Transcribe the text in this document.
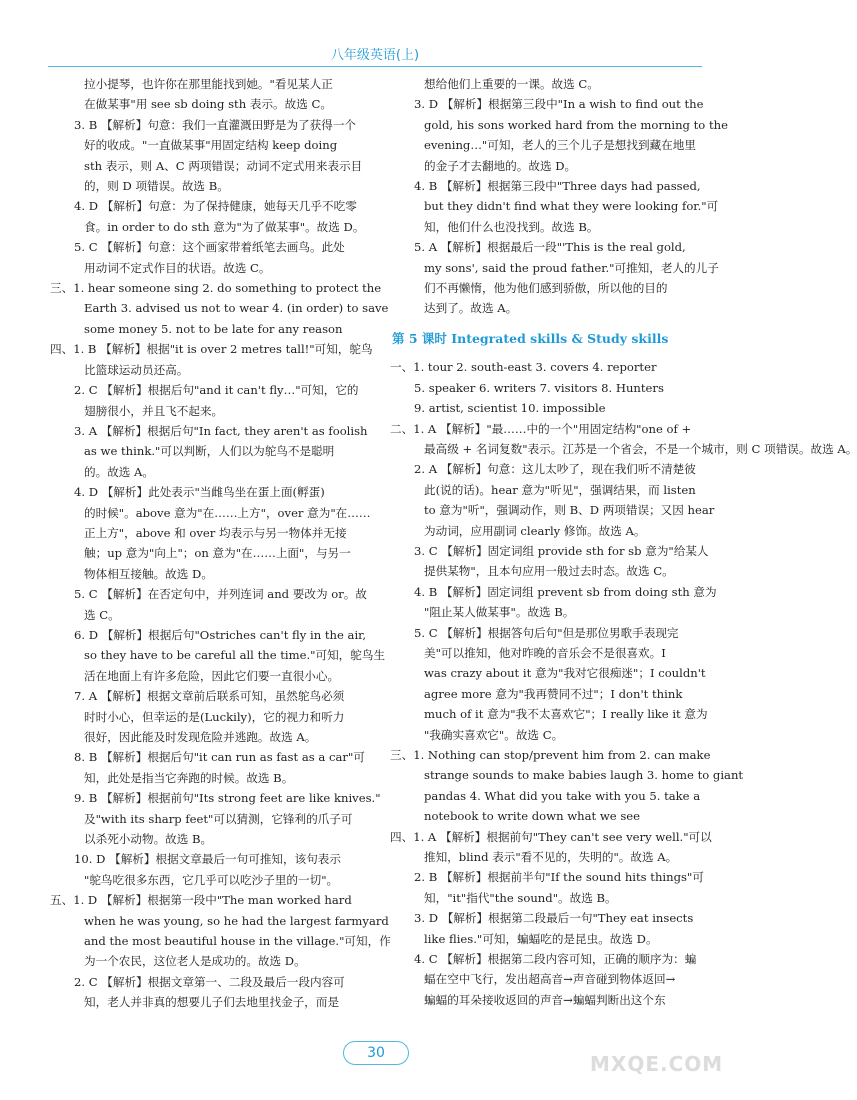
八年级英语(上)
拉小提琴，也许你在那里能找到她。"看见某人正
在做某事"用 see sb doing sth 表示。故选 C。
3. B 【解析】句意：我们一直灌溉田野是为了获得一个
好的收成。"一直做某事"用固定结构 keep doing
sth 表示，则 A、C 两项错误；动词不定式用来表示目
的，则 D 项错误。故选 B。
4. D 【解析】句意：为了保持健康，她每天几乎不吃零
食。in order to do sth 意为"为了做某事"。故选 D。
5. C 【解析】句意：这个画家带着纸笔去画鸟。此处
用动词不定式作目的状语。故选 C。
三、1. hear someone sing 2. do something to protect the
Earth 3. advised us not to wear 4. (in order) to save
some money 5. not to be late for any reason
四、1. B 【解析】根据"it is over 2 metres tall!"可知，鸵鸟
比篮球运动员还高。
2. C 【解析】根据后句"and it can't fly…"可知，它的
翅膀很小，并且飞不起来。
3. A 【解析】根据后句"In fact, they aren't as foolish
as we think."可以判断，人们以为鸵鸟不是聪明
的。故选 A。
4. D 【解析】此处表示"当雌鸟坐在蛋上面(孵蛋)
的时候"。above 意为"在……上方"，over 意为"在……
正上方"，above 和 over 均表示与另一物体并无接
触；up 意为"向上"；on 意为"在……上面"，与另一
物体相互接触。故选 D。
5. C 【解析】在否定句中，并列连词 and 要改为 or。故
选 C。
6. D 【解析】根据后句"Ostriches can't fly in the air,
so they have to be careful all the time."可知，鸵鸟生
活在地面上有许多危险，因此它们要一直很小心。
7. A 【解析】根据文章前后联系可知，虽然鸵鸟必须
时时小心，但幸运的是(Luckily)，它的视力和听力
很好，因此能及时发现危险并逃跑。故选 A。
8. B 【解析】根据后句"it can run as fast as a car"可
知，此处是指当它奔跑的时候。故选 B。
9. B 【解析】根据前句"Its strong feet are like knives."
及"with its sharp feet"可以猜测，它锋利的爪子可
以杀死小动物。故选 B。
10. D 【解析】根据文章最后一句可推知，该句表示
"鸵鸟吃很多东西，它几乎可以吃沙子里的一切"。
五、1. D 【解析】根据第一段中"The man worked hard
when he was young, so he had the largest farmyard
and the most beautiful house in the village."可知，作
为一个农民，这位老人是成功的。故选 D。
2. C 【解析】根据文章第一、二段及最后一段内容可
知，老人并非真的想要儿子们去地里找金子，而是
想给他们上重要的一课。故选 C。
3. D 【解析】根据第三段中"In a wish to find out the
gold, his sons worked hard from the morning to the
evening…"可知，老人的三个儿子是想找到藏在地里
的金子才去翻地的。故选 D。
4. B 【解析】根据第三段中"Three days had passed,
but they didn't find what they were looking for."可
知，他们什么也没找到。故选 B。
5. A 【解析】根据最后一段"'This is the real gold,
my sons', said the proud father."可推知，老人的儿子
们不再懒惰，他为他们感到骄傲，所以他的目的
达到了。故选 A。
第 5 课时 Integrated skills & Study skills
一、1. tour 2. south-east 3. covers 4. reporter
5. speaker 6. writers 7. visitors 8. Hunters
9. artist, scientist 10. impossible
二、1. A 【解析】"最……中的一个"用固定结构"one of +
最高级 + 名词复数"表示。江苏是一个省会，不是一个城市，则 C 项错误。故选 A。
2. A 【解析】句意：这儿太吵了，现在我们听不清楚彼
此(说的话)。hear 意为"听见"，强调结果，而 listen
to 意为"听"，强调动作，则 B、D 两项错误；又因 hear
为动词，应用副词 clearly 修饰。故选 A。
3. C 【解析】固定词组 provide sth for sb 意为"给某人
提供某物"，且本句应用一般过去时态。故选 C。
4. B 【解析】固定词组 prevent sb from doing sth 意为
"阻止某人做某事"。故选 B。
5. C 【解析】根据答句后句"但是那位男歌手表现完
美"可以推知，他对昨晚的音乐会不是很喜欢。I
was crazy about it 意为"我对它很痴迷"；I couldn't
agree more 意为"我再赞同不过"；I don't think
much of it 意为"我不太喜欢它"；I really like it 意为
"我确实喜欢它"。故选 C。
三、1. Nothing can stop/prevent him from 2. can make
strange sounds to make babies laugh 3. home to giant
pandas 4. What did you take with you 5. take a
notebook to write down what we see
四、1. A 【解析】根据前句"They can't see very well."可以
推知，blind 表示"看不见的，失明的"。故选 A。
2. B 【解析】根据前半句"If the sound hits things"可
知，"it"指代"the sound"。故选 B。
3. D 【解析】根据第二段最后一句"They eat insects
like flies."可知，蝙蝠吃的是昆虫。故选 D。
4. C 【解析】根据第二段内容可知，正确的顺序为：蝙
蝠在空中飞行，发出超高音→声音碰到物体返回→
蝙蝠的耳朵接收返回的声音→蝙蝠判断出这个东
30	MXQE.COM
